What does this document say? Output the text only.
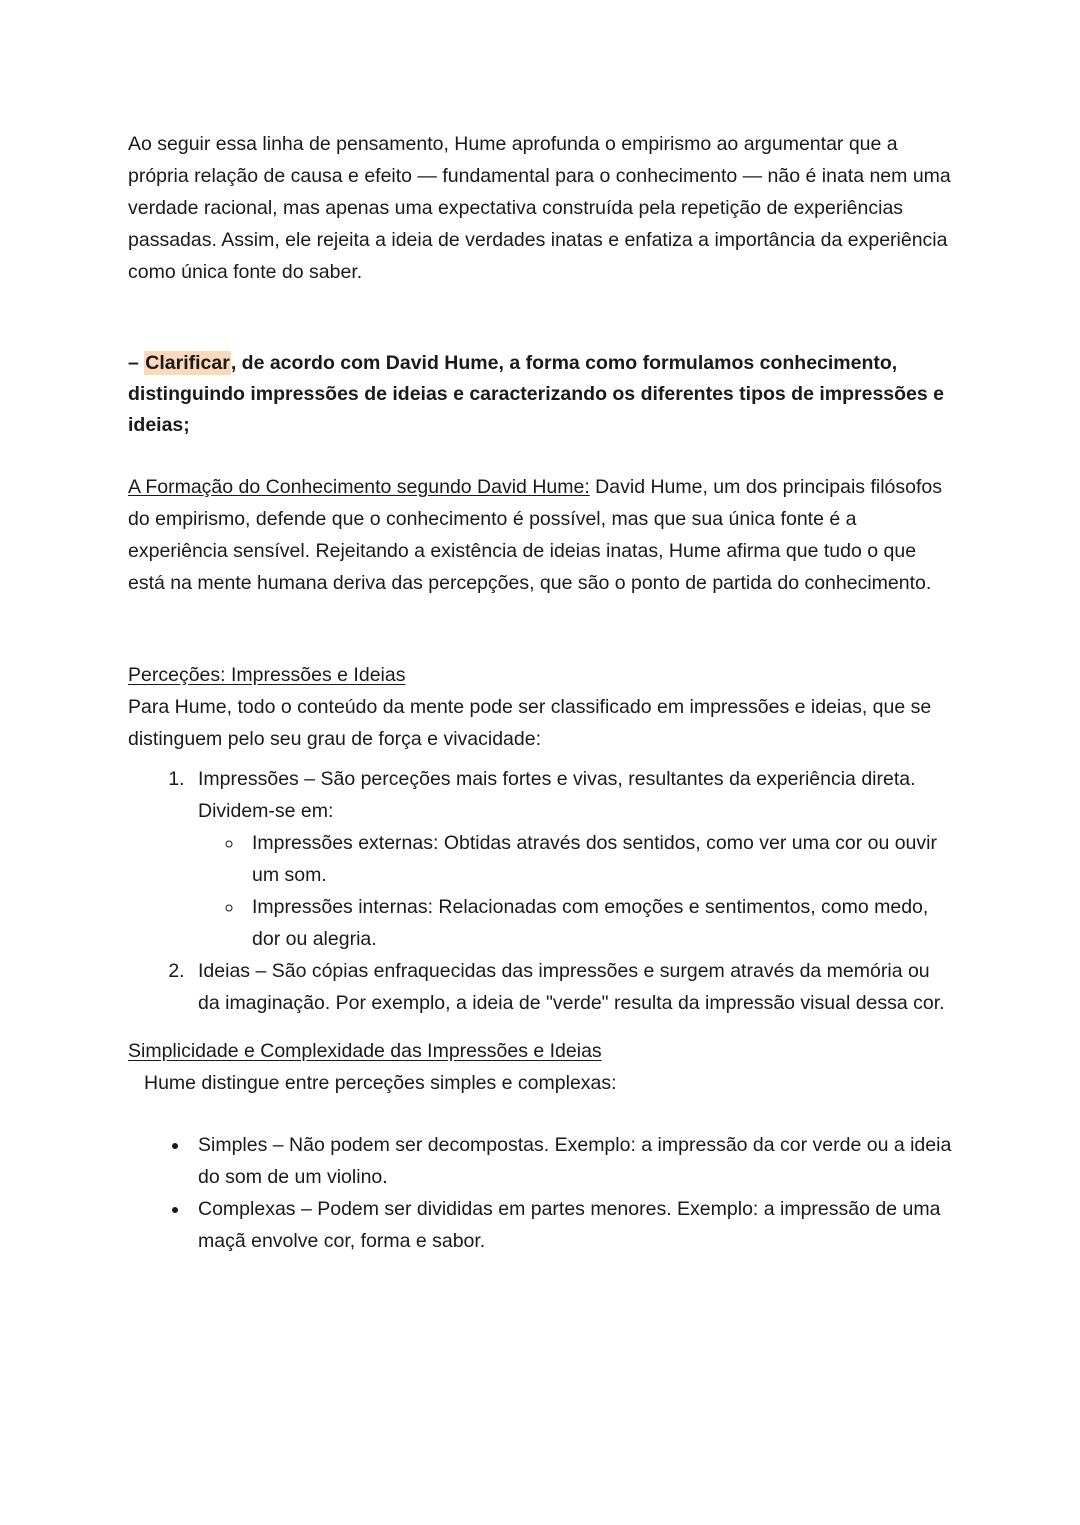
Ao seguir essa linha de pensamento, Hume aprofunda o empirismo ao argumentar que a própria relação de causa e efeito — fundamental para o conhecimento — não é inata nem uma verdade racional, mas apenas uma expectativa construída pela repetição de experiências passadas. Assim, ele rejeita a ideia de verdades inatas e enfatiza a importância da experiência como única fonte do saber.

– Clarificar, de acordo com David Hume, a forma como formulamos conhecimento, distinguindo impressões de ideias e caracterizando os diferentes tipos de impressões e ideias;

A Formação do Conhecimento segundo David Hume: David Hume, um dos principais filósofos do empirismo, defende que o conhecimento é possível, mas que sua única fonte é a experiência sensível. Rejeitando a existência de ideias inatas, Hume afirma que tudo o que está na mente humana deriva das percepções, que são o ponto de partida do conhecimento.

Perceções: Impressões e Ideias

Para Hume, todo o conteúdo da mente pode ser classificado em impressões e ideias, que se distinguem pelo seu grau de força e vivacidade:

1. Impressões – São perceções mais fortes e vivas, resultantes da experiência direta. Dividem-se em:
◦ Impressões externas: Obtidas através dos sentidos, como ver uma cor ou ouvir um som.
◦ Impressões internas: Relacionadas com emoções e sentimentos, como medo, dor ou alegria.
2. Ideias – São cópias enfraquecidas das impressões e surgem através da memória ou da imaginação. Por exemplo, a ideia de "verde" resulta da impressão visual dessa cor.

Simplicidade e Complexidade das Impressões e Ideias

Hume distingue entre perceções simples e complexas:

• Simples – Não podem ser decompostas. Exemplo: a impressão da cor verde ou a ideia do som de um violino.
• Complexas – Podem ser divididas em partes menores. Exemplo: a impressão de uma maçã envolve cor, forma e sabor.
